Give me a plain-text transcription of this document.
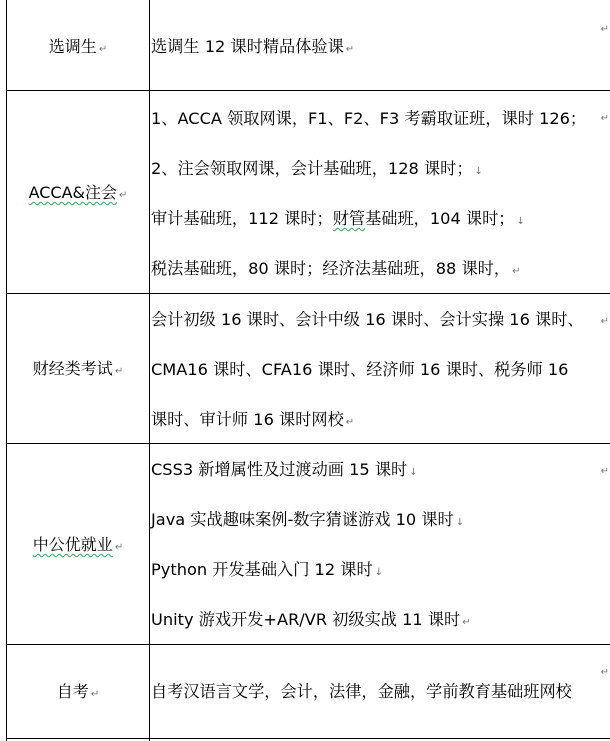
↵
↵
↵
↵
↵
选调生 ↵	选调生 12 课时精品体验课 ↵
ACCA&注会 ↵
1、ACCA 领取网课，F1、F2、F3 考霸取证班，课时 126；
2、注会领取网课，会计基础班，128 课时； ↓
审计基础班，112 课时；财管基础班，104 课时； ↓
税法基础班，80 课时；经济法基础班，88 课时， ↵
财经类考试 ↵
会计初级 16 课时、会计中级 16 课时、会计实操 16 课时、
CMA16 课时、CFA16 课时、经济师 16 课时、税务师 16
课时、审计师 16 课时网校 ↵
中公优就业 ↵
CSS3 新增属性及过渡动画 15 课时 ↓
Java 实战趣味案例-数字猜谜游戏 10 课时 ↓
Python 开发基础入门 12 课时 ↓
Unity 游戏开发+AR/VR 初级实战 11 课时 ↵
自考 ↵	自考汉语言文学，会计，法律，金融，学前教育基础班网校
